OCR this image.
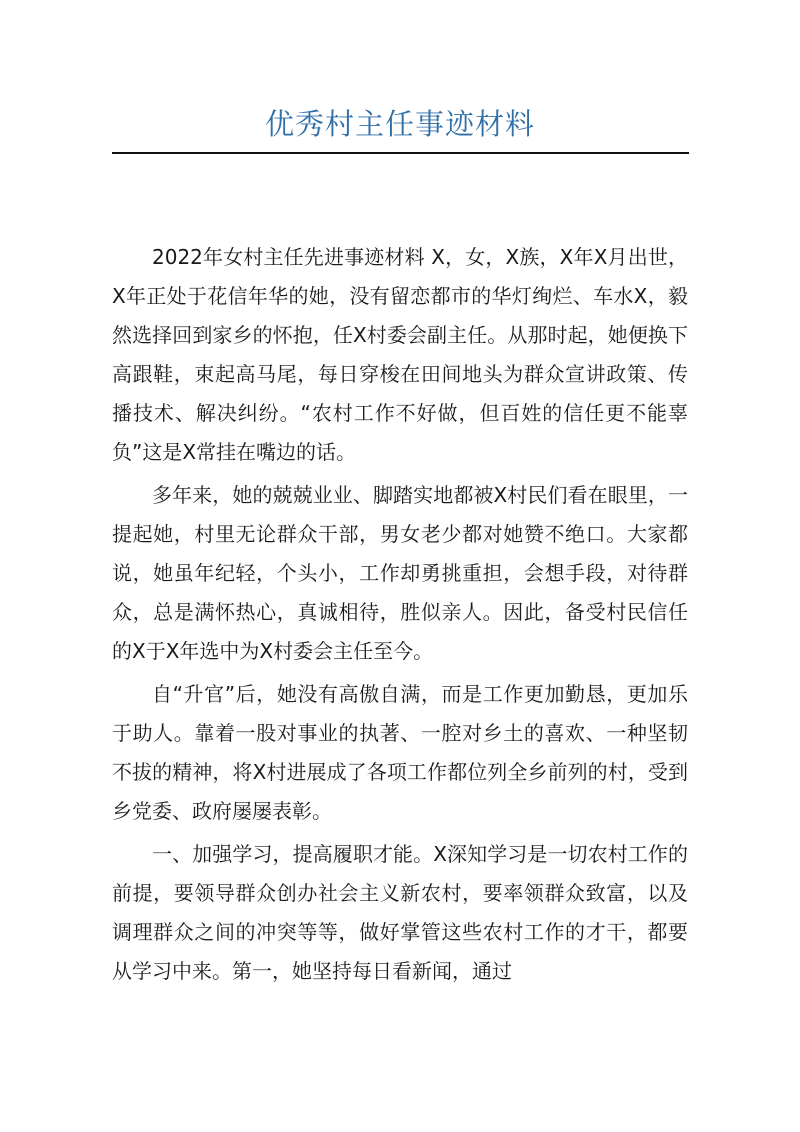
优秀村主任事迹材料

2022年女村主任先进事迹材料 X，女，X族，X年X月出世，X年正处于花信年华的她，没有留恋都市的华灯绚烂、车水X，毅然选择回到家乡的怀抱，任X村委会副主任。从那时起，她便换下高跟鞋，束起高马尾，每日穿梭在田间地头为群众宣讲政策、传播技术、解决纠纷。“农村工作不好做，但百姓的信任更不能辜负”这是X常挂在嘴边的话。

多年来，她的兢兢业业、脚踏实地都被X村民们看在眼里，一提起她，村里无论群众干部，男女老少都对她赞不绝口。大家都说，她虽年纪轻，个头小，工作却勇挑重担，会想手段，对待群众，总是满怀热心，真诚相待，胜似亲人。因此，备受村民信任的X于X年选中为X村委会主任至今。

自“升官”后，她没有高傲自满，而是工作更加勤恳，更加乐于助人。靠着一股对事业的执著、一腔对乡土的喜欢、一种坚韧不拔的精神，将X村进展成了各项工作都位列全乡前列的村，受到乡党委、政府屡屡表彰。

一、加强学习，提高履职才能。X深知学习是一切农村工作的前提，要领导群众创办社会主义新农村，要率领群众致富，以及调理群众之间的冲突等等，做好掌管这些农村工作的才干，都要从学习中来。第一，她坚持每日看新闻，通过
